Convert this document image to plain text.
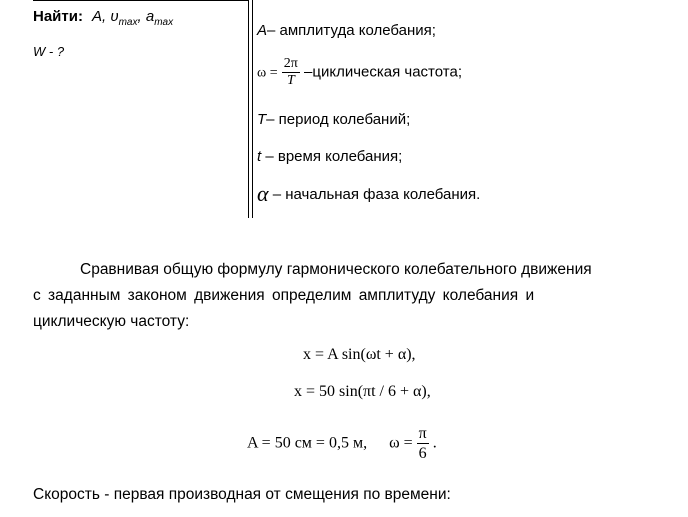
Найти: A, $\upsilon_{max}$, $a_{max}$
W - ?
A– амплитуда колебания;
$\omega = \frac{2\pi}{T}$ –циклическая частота;
T– период колебаний;
t – время колебания;
α – начальная фаза колебания.
Сравнивая общую формулу гармонического колебательного движения
с заданным законом движения определим амплитуду колебания и
циклическую частоту:
x = A sin(ωt + α),
x = 50 sin(πt / 6 + α),
A = 50 см = 0,5 м, $\omega = \frac{\pi}{6}$ .
Скорость - первая производная от смещения по времени:
